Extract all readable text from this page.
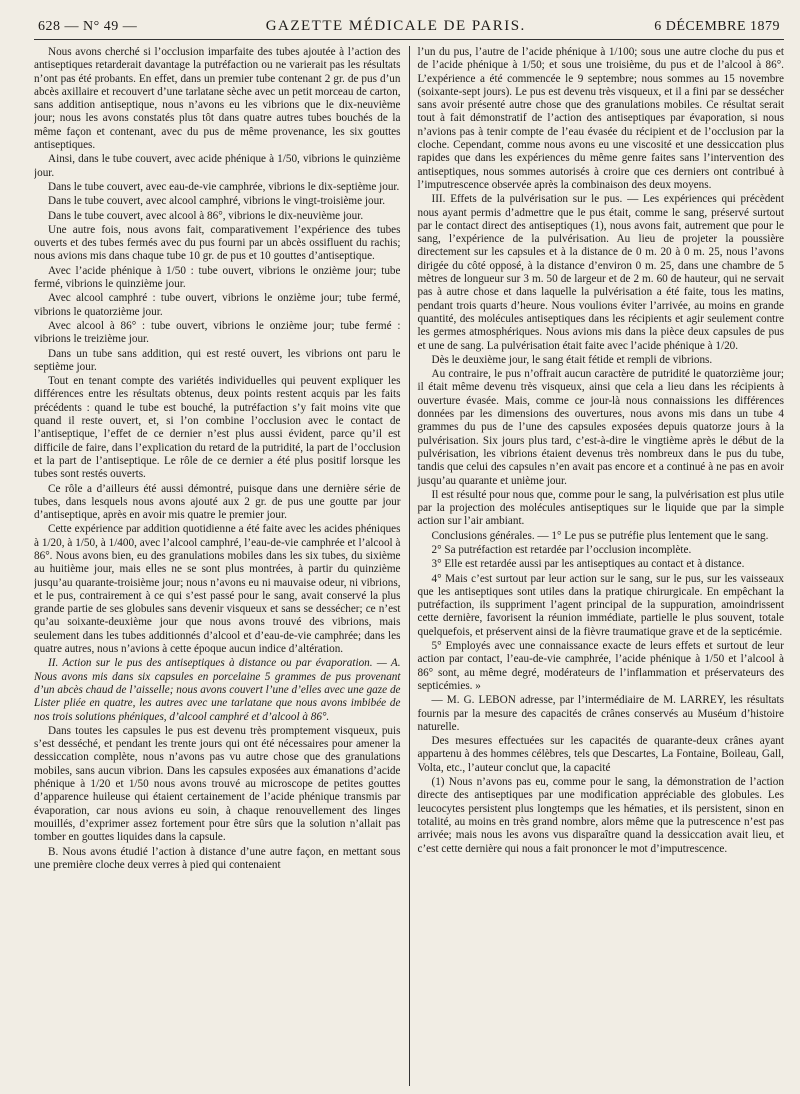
628 — N° 49 —	GAZETTE MÉDICALE DE PARIS.	6 DÉCEMBRE 1879

Nous avons cherché si l’occlusion imparfaite des tubes ajoutée à l’action des antiseptiques retarderait davantage la putréfaction ou ne varierait pas les résultats n’ont pas été probants. En effet, dans un premier tube contenant 2 gr. de pus d’un abcès axillaire et recouvert d’une tarlatane sèche avec un petit morceau de carton, sans addition antiseptique, nous n’avons eu les vibrions que le dix-neuvième jour; nous les avons constatés plus tôt dans quatre autres tubes bouchés de la même façon et contenant, avec du pus de même provenance, les six gouttes antiseptiques.

Ainsi, dans le tube couvert, avec acide phénique à 1/50, vibrions le quinzième jour.

Dans le tube couvert, avec eau-de-vie camphrée, vibrions le dix-septième jour.

Dans le tube couvert, avec alcool camphré, vibrions le vingt-troisième jour.

Dans le tube couvert, avec alcool à 86°, vibrions le dix-neuvième jour.

Une autre fois, nous avons fait, comparativement l’expérience des tubes ouverts et des tubes fermés avec du pus fourni par un abcès ossifluent du rachis; nous avions mis dans chaque tube 10 gr. de pus et 10 gouttes d’antiseptique.

Avec l’acide phénique à 1/50 : tube ouvert, vibrions le onzième jour; tube fermé, vibrions le quinzième jour.

Avec alcool camphré : tube ouvert, vibrions le onzième jour; tube fermé, vibrions le quatorzième jour.

Avec alcool à 86° : tube ouvert, vibrions le onzième jour; tube fermé : vibrions le treizième jour.

Dans un tube sans addition, qui est resté ouvert, les vibrions ont paru le septième jour.

Tout en tenant compte des variétés individuelles qui peuvent expliquer les différences entre les résultats obtenus, deux points restent acquis par les faits précédents : quand le tube est bouché, la putréfaction s’y fait moins vite que quand il reste ouvert, et, si l’on combine l’occlusion avec le contact de l’antiseptique, l’effet de ce dernier n’est plus aussi évident, parce qu’il est difficile de faire, dans l’explication du retard de la putridité, la part de l’occlusion et la part de l’antiseptique. Le rôle de ce dernier a été plus positif lorsque les tubes sont restés ouverts.

Ce rôle a d’ailleurs été aussi démontré, puisque dans une dernière série de tubes, dans lesquels nous avons ajouté aux 2 gr. de pus une goutte par jour d’antiseptique, après en avoir mis quatre le premier jour.

Cette expérience par addition quotidienne a été faite avec les acides phéniques à 1/20, à 1/50, à 1/400, avec l’alcool camphré, l’eau-de-vie camphrée et l’alcool à 86°. Nous avons bien, eu des granulations mobiles dans les six tubes, du sixième au huitième jour, mais elles ne se sont plus montrées, à partir du quinzième jusqu’au quarante-troisième jour; nous n’avons eu ni mauvaise odeur, ni vibrions, et le pus, contrairement à ce qui s’est passé pour le sang, avait conservé la plus grande partie de ses globules sans devenir visqueux et sans se dessécher; ce n’est qu’au soixante-deuxième jour que nous avons trouvé des vibrions, mais seulement dans les tubes additionnés d’alcool et d’eau-de-vie camphrée; dans les quatre autres, nous n’avions à cette époque aucun indice d’altération.

II. Action sur le pus des antiseptiques à distance ou par évaporation. — A. Nous avons mis dans six capsules en porcelaine 5 grammes de pus provenant d’un abcès chaud de l’aisselle; nous avons couvert l’une d’elles avec une gaze de Lister pliée en quatre, les autres avec une tarlatane que nous avons imbibée de nos trois solutions phéniques, d’alcool camphré et d’alcool à 86°.

Dans toutes les capsules le pus est devenu très promptement visqueux, puis s’est desséché, et pendant les trente jours qui ont été nécessaires pour amener la dessiccation complète, nous n’avons pas vu autre chose que des granulations mobiles, sans aucun vibrion. Dans les capsules exposées aux émanations d’acide phénique à 1/20 et 1/50 nous avons trouvé au microscope de petites gouttes d’apparence huileuse qui étaient certainement de l’acide phénique transmis par évaporation, car nous avions eu soin, à chaque renouvellement des linges mouillés, d’exprimer assez fortement pour être sûrs que la solution n’allait pas tomber en gouttes liquides dans la capsule.

B. Nous avons étudié l’action à distance d’une autre façon, en mettant sous une première cloche deux verres à pied qui contenaient

l’un du pus, l’autre de l’acide phénique à 1/100; sous une autre cloche du pus et de l’acide phénique à 1/50; et sous une troisième, du pus et de l’alcool à 86°. L’expérience a été commencée le 9 septembre; nous sommes au 15 novembre (soixante-sept jours). Le pus est devenu très visqueux, et il a fini par se dessécher sans avoir présenté autre chose que des granulations mobiles. Ce résultat serait tout à fait démonstratif de l’action des antiseptiques par évaporation, si nous n’avions pas à tenir compte de l’eau évasée du récipient et de l’occlusion par la cloche. Cependant, comme nous avons eu une viscosité et une dessiccation plus rapides que dans les expériences du même genre faites sans l’intervention des antiseptiques, nous sommes autorisés à croire que ces derniers ont contribué à l’imputrescence observée après la combinaison des deux moyens.

III. Effets de la pulvérisation sur le pus. — Les expériences qui précèdent nous ayant permis d’admettre que le pus était, comme le sang, préservé surtout par le contact direct des antiseptiques (1), nous avons fait, autrement que pour le sang, l’expérience de la pulvérisation. Au lieu de projeter la poussière directement sur les capsules et à la distance de 0 m. 20 à 0 m. 25, nous l’avons dirigée du côté opposé, à la distance d’environ 0 m. 25, dans une chambre de 5 mètres de longueur sur 3 m. 50 de largeur et de 2 m. 60 de hauteur, qui ne servait pas à autre chose et dans laquelle la pulvérisation a été faite, tous les matins, pendant trois quarts d’heure. Nous voulions éviter l’arrivée, au moins en grande quantité, des molécules antiseptiques dans les récipients et agir seulement contre les germes atmosphériques. Nous avions mis dans la pièce deux capsules de pus et une de sang. La pulvérisation était faite avec l’acide phénique à 1/20.

Dès le deuxième jour, le sang était fétide et rempli de vibrions.

Au contraire, le pus n’offrait aucun caractère de putridité le quatorzième jour; il était même devenu très visqueux, ainsi que cela a lieu dans les récipients à ouverture évasée. Mais, comme ce jour-là nous connaissions les différences données par les dimensions des ouvertures, nous avons mis dans un tube 4 grammes du pus de l’une des capsules exposées depuis quatorze jours à la pulvérisation. Six jours plus tard, c’est-à-dire le vingtième après le début de la pulvérisation, les vibrions étaient devenus très nombreux dans le pus du tube, tandis que celui des capsules n’en avait pas encore et a continué à ne pas en avoir jusqu’au quarante et unième jour.

Il est résulté pour nous que, comme pour le sang, la pulvérisation est plus utile par la projection des molécules antiseptiques sur le liquide que par la simple action sur l’air ambiant.

Conclusions générales. — 1° Le pus se putréfie plus lentement que le sang.

2° Sa putréfaction est retardée par l’occlusion incomplète.

3° Elle est retardée aussi par les antiseptiques au contact et à distance.

4° Mais c’est surtout par leur action sur le sang, sur le pus, sur les vaisseaux que les antiseptiques sont utiles dans la pratique chirurgicale. En empêchant la putréfaction, ils suppriment l’agent principal de la suppuration, amoindrissent cette dernière, favorisent la réunion immédiate, partielle le plus souvent, totale quelquefois, et préservent ainsi de la fièvre traumatique grave et de la septicémie.

5° Employés avec une connaissance exacte de leurs effets et surtout de leur action par contact, l’eau-de-vie camphrée, l’acide phénique à 1/50 et l’alcool à 86° sont, au même degré, modérateurs de l’inflammation et préservateurs des septicémies. »

— M. G. LEBON adresse, par l’intermédiaire de M. LARREY, les résultats fournis par la mesure des capacités de crânes conservés au Muséum d’histoire naturelle.

Des mesures effectuées sur les capacités de quarante-deux crânes ayant appartenu à des hommes célèbres, tels que Descartes, La Fontaine, Boileau, Gall, Volta, etc., l’auteur conclut que, la capacité

(1) Nous n’avons pas eu, comme pour le sang, la démonstration de l’action directe des antiseptiques par une modification appréciable des globules. Les leucocytes persistent plus longtemps que les hématies, et ils persistent, sinon en totalité, au moins en très grand nombre, alors même que la putrescence n’est pas arrivée; mais nous les avons vus disparaître quand la dessiccation avait lieu, et c’est cette dernière qui nous a fait prononcer le mot d’imputrescence.
